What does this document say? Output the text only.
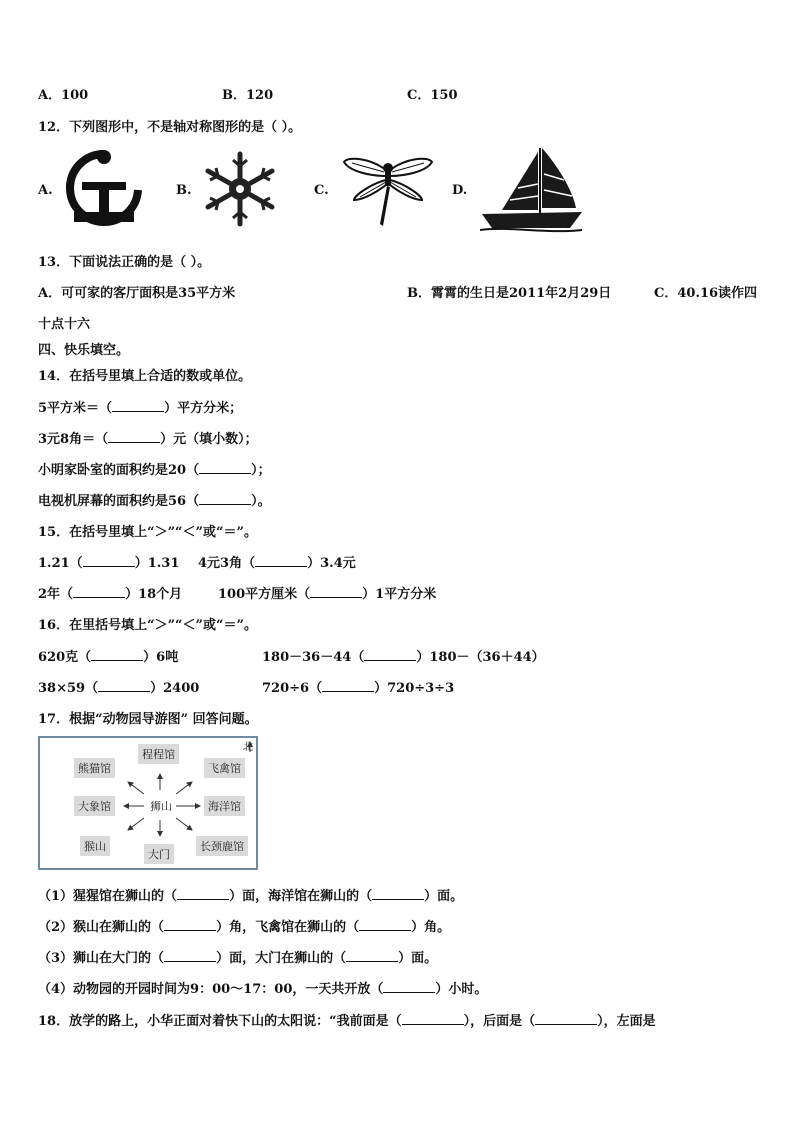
A．100	B．120	C．150
12．下列图形中，不是轴对称图形的是（ ）。
A.	B.	C.	D.
13．下面说法正确的是（ ）。
A．可可家的客厅面积是35平方米	B．霄霄的生日是2011年2月29日	C．40.16读作四
十点十六
四、快乐填空。
14．在括号里填上合适的数或单位。
5平方米＝ （  ）	平方分米；
3元8角＝ （  ）	元（填小数）；
小明家卧室的面积约是20 （  ）	；
电视机屏幕的面积约是56 （  ）	。
15．在括号里填上“＞”“＜”或“＝”。
1.21 （  ）	1.31 4元3角 （  ）	3.4元
2年 （  ）	18个月	100平方厘米 （  ）	1平方分米
16．在里括号填上“＞”“＜”或“＝”。
620克 （  ）	6吨	180－36－44 （  ）	180－（36＋44）
38×59 （  ）	2400	720÷6 （  ）	720÷3÷3
17．根据“动物园导游图” 回答问题。
北
熊猫馆
程程馆
飞禽馆
大象馆	狮山	海洋馆
猴山
大门
长颈鹿馆
（1）猩猩馆在狮山的 （  ）	面，海洋馆在狮山的 （  ）	面。
（2）猴山在狮山的 （  ）	角，飞禽馆在狮山的 （  ）	角。
（3）狮山在大门的 （  ）	面，大门在狮山的 （  ）	面。
（4）动物园的开园时间为9：00～17：00，一天共开放 （  ）	小时。
18．放学的路上，小华正面对着快下山的太阳说：“我前面是 （  ）	，后面是 （  ）	，左面是
